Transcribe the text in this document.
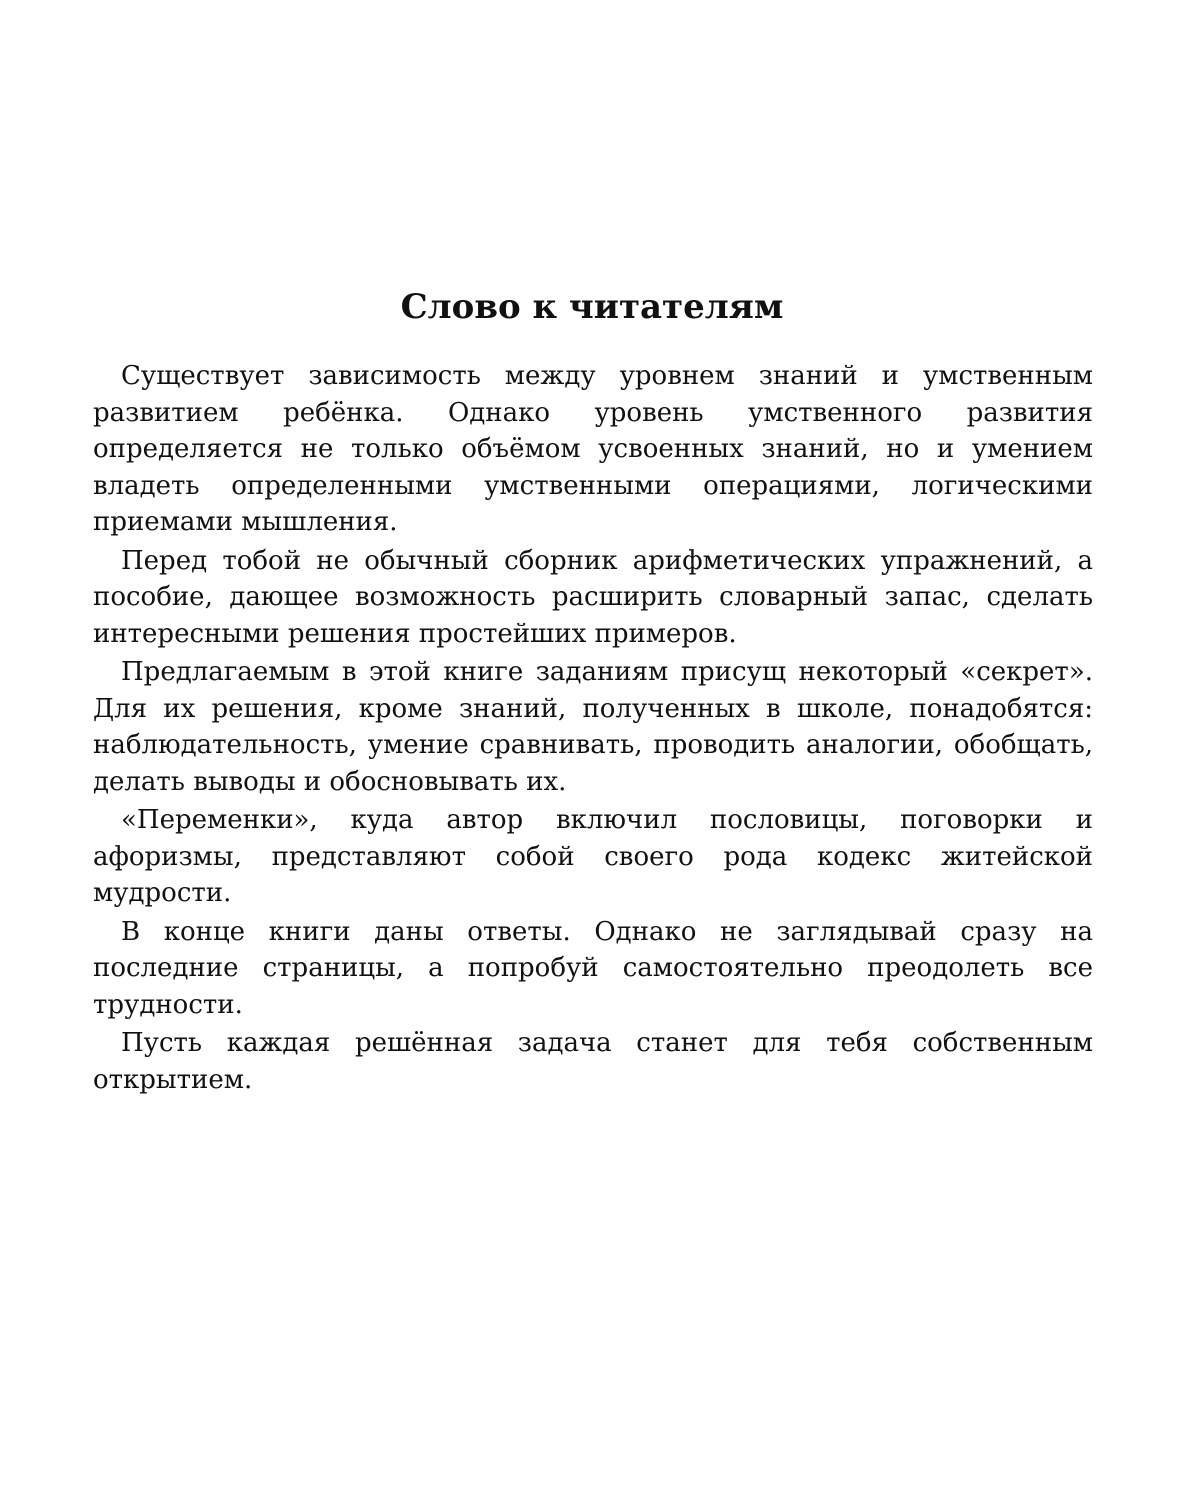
Слово к читателям

Существует зависимость между уровнем знаний и умственным развитием ребёнка. Однако уровень умственного развития определяется не только объёмом усвоенных знаний, но и умением владеть определенными умственными операциями, логическими приемами мышления.

Перед тобой не обычный сборник арифметических упражнений, а пособие, дающее возможность расширить словарный запас, сделать интересными решения простейших примеров.

Предлагаемым в этой книге заданиям присущ некоторый «секрет». Для их решения, кроме знаний, полученных в школе, понадобятся: наблюдательность, умение сравнивать, проводить аналогии, обобщать, делать выводы и обосновывать их.

«Переменки», куда автор включил пословицы, поговорки и афоризмы, представляют собой своего рода кодекс житейской мудрости.

В конце книги даны ответы. Однако не заглядывай сразу на последние страницы, а попробуй самостоятельно преодолеть все трудности.

Пусть каждая решённая задача станет для тебя собственным открытием.
